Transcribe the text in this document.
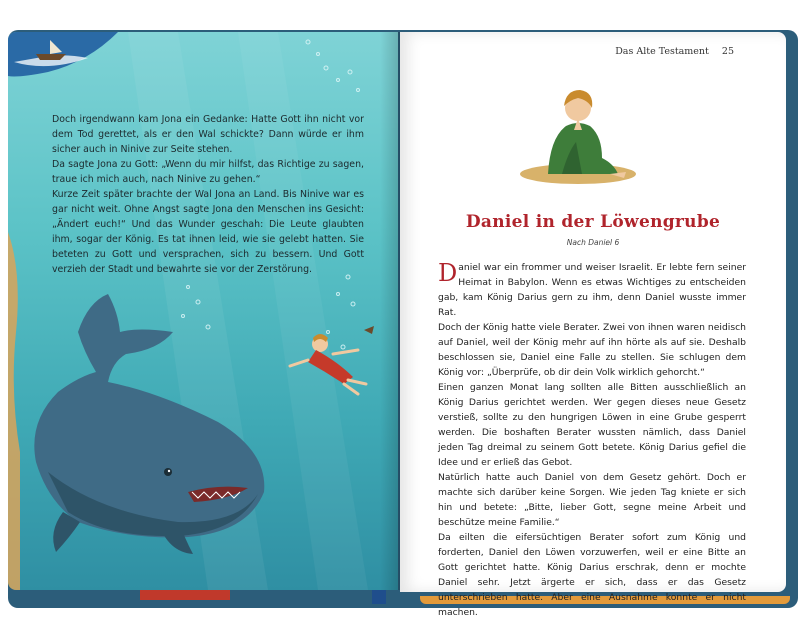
Doch irgendwann kam Jona ein Gedanke: Hatte Gott ihn nicht vor dem Tod gerettet, als er den Wal schickte? Dann würde er ihm sicher auch in Ninive zur Seite stehen.

Da sagte Jona zu Gott: „Wenn du mir hilfst, das Richtige zu sagen, traue ich mich auch, nach Ninive zu gehen.“

Kurze Zeit später brachte der Wal Jona an Land. Bis Ninive war es gar nicht weit. Ohne Angst sagte Jona den Menschen ins Gesicht: „Ändert euch!“ Und das Wunder geschah: Die Leute glaubten ihm, sogar der König. Es tat ihnen leid, wie sie gelebt hatten. Sie beteten zu Gott und versprachen, sich zu bessern. Und Gott verzieh der Stadt und bewahrte sie vor der Zerstörung.

Das Alte Testament 25
Daniel in der Löwengrube

Nach Daniel 6

Daniel war ein frommer und weiser Israelit. Er lebte fern seiner Heimat in Babylon. Wenn es etwas Wichtiges zu entscheiden gab, kam König Darius gern zu ihm, denn Daniel wusste immer Rat.

Doch der König hatte viele Berater. Zwei von ihnen waren neidisch auf Daniel, weil der König mehr auf ihn hörte als auf sie. Deshalb beschlossen sie, Daniel eine Falle zu stellen. Sie schlugen dem König vor: „Überprüfe, ob dir dein Volk wirklich gehorcht.“

Einen ganzen Monat lang sollten alle Bitten ausschließlich an König Darius gerichtet werden. Wer gegen dieses neue Gesetz verstieß, sollte zu den hungrigen Löwen in eine Grube gesperrt werden. Die boshaften Berater wussten nämlich, dass Daniel jeden Tag dreimal zu seinem Gott betete. König Darius gefiel die Idee und er erließ das Gebot.

Natürlich hatte auch Daniel von dem Gesetz gehört. Doch er machte sich darüber keine Sorgen. Wie jeden Tag kniete er sich hin und betete: „Bitte, lieber Gott, segne meine Arbeit und beschütze meine Familie.“

Da eilten die eifersüchtigen Berater sofort zum König und forderten, Daniel den Löwen vorzuwerfen, weil er eine Bitte an Gott gerichtet hatte. König Darius erschrak, denn er mochte Daniel sehr. Jetzt ärgerte er sich, dass er das Gesetz unterschrieben hatte. Aber eine Ausnahme konnte er nicht machen.
